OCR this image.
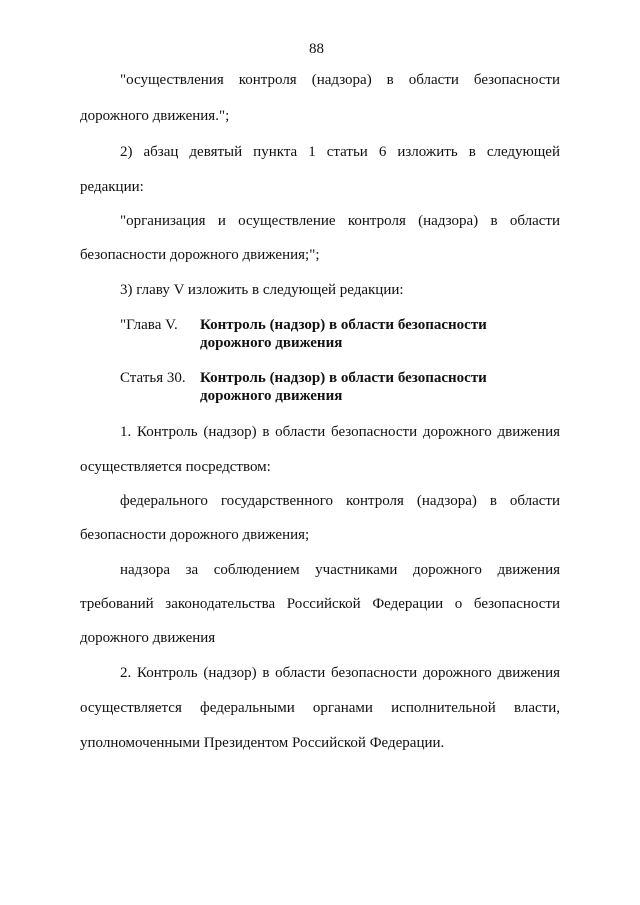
88
"осуществления контроля (надзора) в области безопасности
дорожного движения.";
2) абзац девятый пункта 1 статьи 6 изложить в следующей
редакции:
"организация и осуществление контроля (надзора) в области
безопасности дорожного движения;";
3) главу V изложить в следующей редакции:
"Глава V. Контроль (надзор) в области безопасности
дорожного движения
Статья 30. Контроль (надзор) в области безопасности
дорожного движения
1. Контроль (надзор) в области безопасности дорожного движения
осуществляется посредством:
федерального государственного контроля (надзора) в области
безопасности дорожного движения;
надзора за соблюдением участниками дорожного движения
требований законодательства Российской Федерации о безопасности
дорожного движения
2. Контроль (надзор) в области безопасности дорожного движения
осуществляется федеральными органами исполнительной власти,
уполномоченными Президентом Российской Федерации.
